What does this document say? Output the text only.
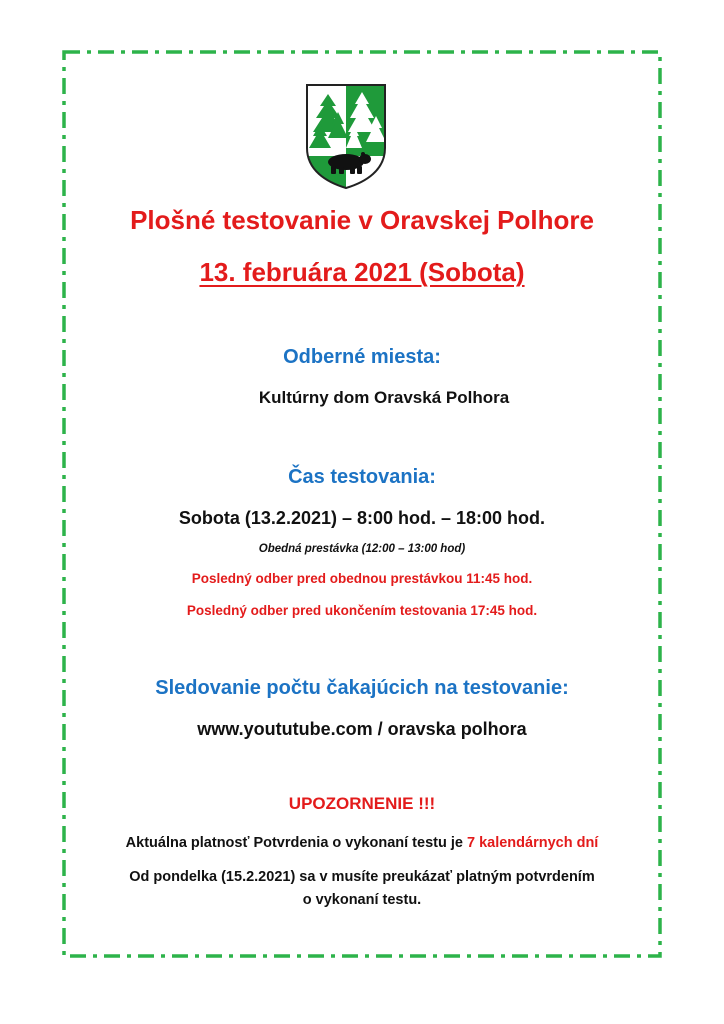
Plošné testovanie v Oravskej Polhore
13. februára 2021 (Sobota)
Odberné miesta:
Kultúrny dom Oravská Polhora
Čas testovania:
Sobota (13.2.2021) – 8:00 hod. – 18:00 hod.
Obedná prestávka (12:00 – 13:00 hod)
Posledný odber pred obednou prestávkou 11:45 hod.
Posledný odber pred ukončením testovania 17:45 hod.
Sledovanie počtu čakajúcich na testovanie:
www.yoututube.com / oravska polhora
UPOZORNENIE !!!
Aktuálna platnosť Potvrdenia o vykonaní testu je 7 kalendárnych dní
Od pondelka (15.2.2021) sa v musíte preukázať platným potvrdením
o vykonaní testu.
